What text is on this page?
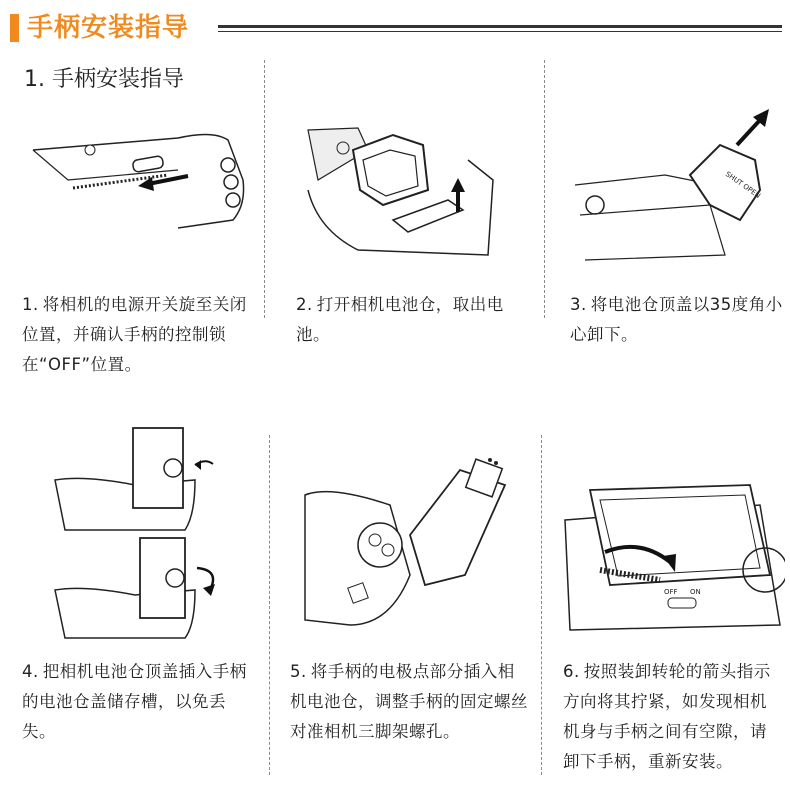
手柄安装指导
1. 手柄安装指导
SHUT OPEN
1. 将相机的电源开关旋至关闭位置，并确认手柄的控制锁在“OFF”位置。
2. 打开相机电池仓，取出电池。
3. 将电池仓顶盖以35度角小心卸下。
OFF ON
4. 把相机电池仓顶盖插入手柄的电池仓盖储存槽，以免丢失。
5. 将手柄的电极点部分插入相机电池仓，调整手柄的固定螺丝对准相机三脚架螺孔。
6. 按照装卸转轮的箭头指示方向将其拧紧，如发现相机机身与手柄之间有空隙，请卸下手柄，重新安装。
